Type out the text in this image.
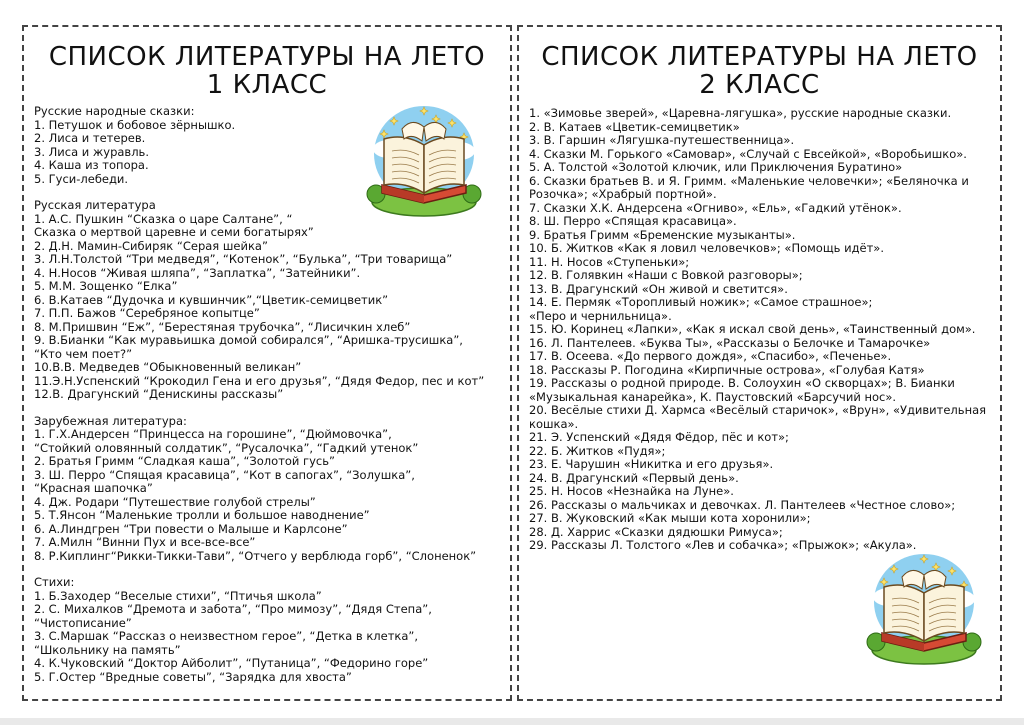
СПИСОК ЛИТЕРАТУРЫ НА ЛЕТО
1 КЛАСС
Русские народные сказки:
1. Петушок и бобовое зёрнышко.
2. Лиса и тетерев.
3. Лиса и журавль.
4. Каша из топора.
5. Гуси-лебеди.
Русская литература
1. А.С. Пушкин “Сказка о царе Салтане”, “
Сказка о мертвой царевне и семи богатырях”
2. Д.Н. Мамин-Сибиряк “Серая шейка”
3. Л.Н.Толстой “Три медведя”, “Котенок”, “Булька”, “Три товарища”
4. Н.Носов “Живая шляпа”, “Заплатка”, “Затейники”.
5. М.М. Зощенко “Елка”
6. В.Катаев “Дудочка и кувшинчик”,“Цветик-семицветик”
7. П.П. Бажов “Серебряное копытце”
8. М.Пришвин “Еж”, “Берестяная трубочка”, “Лисичкин хлеб”
9. В.Бианки “Как муравьишка домой собирался”, “Аришка-трусишка”,
“Кто чем поет?”
10.В.В. Медведев “Обыкновенный великан”
11.Э.Н.Успенский “Крокодил Гена и его друзья”, “Дядя Федор, пес и кот”
12.В. Драгунский “Денискины рассказы”
Зарубежная литература:
1. Г.Х.Андерсен “Принцесса на горошине”, “Дюймовочка”,
“Стойкий оловянный солдатик”, “Русалочка”, “Гадкий утенок”
2. Братья Гримм “Сладкая каша”, “Золотой гусь”
3. Ш. Перро “Спящая красавица”, “Кот в сапогах”, “Золушка”,
“Красная шапочка”
4. Дж. Родари “Путешествие голубой стрелы”
5. Т.Янсон “Маленькие тролли и большое наводнение”
6. А.Линдгрен “Три повести о Малыше и Карлсоне”
7. А.Милн “Винни Пух и все-все-все”
8. Р.Киплинг“Рикки-Тикки-Тави”, “Отчего у верблюда горб”, “Слоненок”
Стихи:
1. Б.Заходер “Веселые стихи”, “Птичья школа”
2. С. Михалков “Дремота и забота”, “Про мимозу”, “Дядя Степа”,
“Чистописание”
3. С.Маршак “Рассказ о неизвестном герое”, “Детка в клетка”,
“Школьнику на память”
4. К.Чуковский “Доктор Айболит”, “Путаница”, “Федорино горе”
5. Г.Остер “Вредные советы”, “Зарядка для хвоста”
СПИСОК ЛИТЕРАТУРЫ НА ЛЕТО
2 КЛАСС
1. «Зимовье зверей», «Царевна-лягушка», русские народные сказки.
2. В. Катаев «Цветик-семицветик»
3. В. Гаршин «Лягушка-путешественница».
4. Сказки М. Горького «Самовар», «Случай с Евсейкой», «Воробьишко».
5. А. Толстой «Золотой ключик, или Приключения Буратино»
6. Сказки братьев В. и Я. Гримм. «Маленькие человечки»; «Беляночка и Розочка»; «Храбрый портной».
7. Сказки Х.К. Андерсена «Огниво», «Ель», «Гадкий утёнок».
8. Ш. Перро «Спящая красавица».
9. Братья Гримм «Бременские музыканты».
10. Б. Житков «Как я ловил человечков»; «Помощь идёт».
11. Н. Носов «Ступеньки»;
12. В. Голявкин «Наши с Вовкой разговоры»;
13. В. Драгунский «Он живой и светится».
14. Е. Пермяк «Торопливый ножик»; «Самое страшное»;
«Перо и чернильница».
15. Ю. Коринец «Лапки», «Как я искал свой день», «Таинственный дом».
16. Л. Пантелеев. «Буква Ты», «Рассказы о Белочке и Тамарочке»
17. В. Осеева. «До первого дождя», «Спасибо», «Печенье».
18. Рассказы Р. Погодина «Кирпичные острова», «Голубая Катя»
19. Рассказы о родной природе. В. Солоухин «О скворцах»; В. Бианки «Музыкальная канарейка», К. Паустовский «Барсучий нос».
20. Весёлые стихи Д. Хармса «Весёлый старичок», «Врун», «Удивительная кошка».
21. Э. Успенский «Дядя Фёдор, пёс и кот»;
22. Б. Житков «Пудя»;
23. Е. Чарушин «Никитка и его друзья».
24. В. Драгунский «Первый день».
25. Н. Носов «Незнайка на Луне».
26. Рассказы о мальчиках и девочках. Л. Пантелеев «Честное слово»;
27. В. Жуковский «Как мыши кота хоронили»;
28. Д. Харрис «Сказки дядюшки Римуса»;
29. Рассказы Л. Толстого «Лев и собачка»; «Прыжок»; «Акула».
